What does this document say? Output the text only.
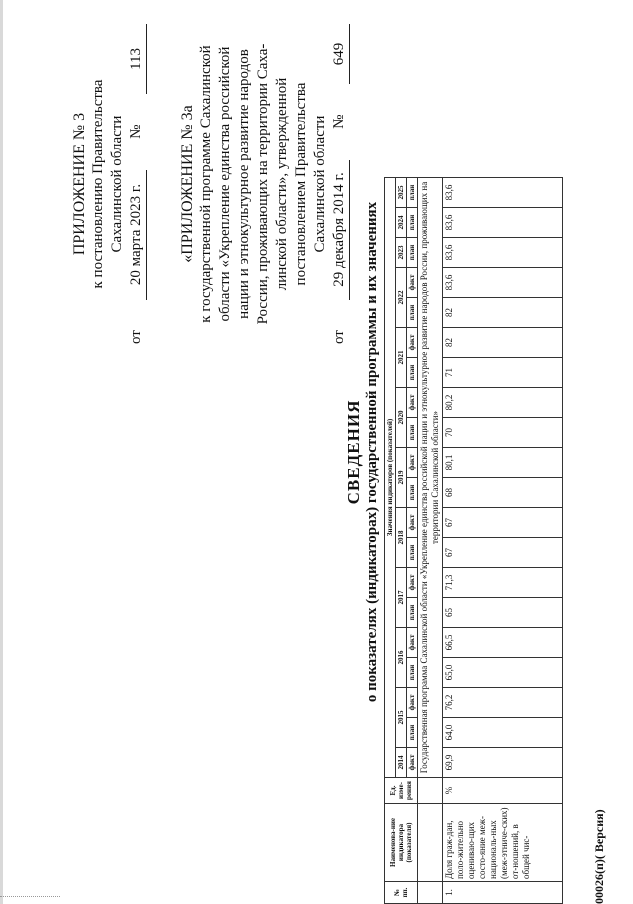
ПРИЛОЖЕНИЕ № 3 к постановлению Правительства Сахалинской области
от
20 марта 2023 г.
№
113
«ПРИЛОЖЕНИЕ № 3а к государственной программе Сахалинской области «Укрепление единства российской нации и этнокультурное развитие народов России, проживающих на территории Саха- линской области», утвержденной постановлением Правительства Сахалинской области
от
29 декабря 2014 г.
№
649
СВЕДЕНИЯ о показателях (индикаторах) государственной программы и их значениях
№ пп.	Наименова-ние индикатора (показателя)	Ед. изме-рения	Значения индикаторов (показателей)																			
			2014	2015		2016		2017		2018		2019		2020		2021		2022		2023	2024	2025
			факт	план	факт	план	факт	план	факт	план	факт	план	факт	план	факт	план	факт	план	факт	план	план	план
			Государственная программа Сахалинской области «Укрепление единства российской нации и этнокультурное развитие народов России, проживающих на территории Сахалинской области»																			
1.	Доля граж-дан, поло-жительно оцениваю-щих состо-яние меж-националь-ных (меж-этниче-ских) от-ношений, в общей чис-	%	69,9	64,0	76,2	65,0	66,5	65	71,3	67	67	68	80,1	70	80,2	71	82	82	83,6	83,6	83,6	83,6
00026(п)( Версия)
